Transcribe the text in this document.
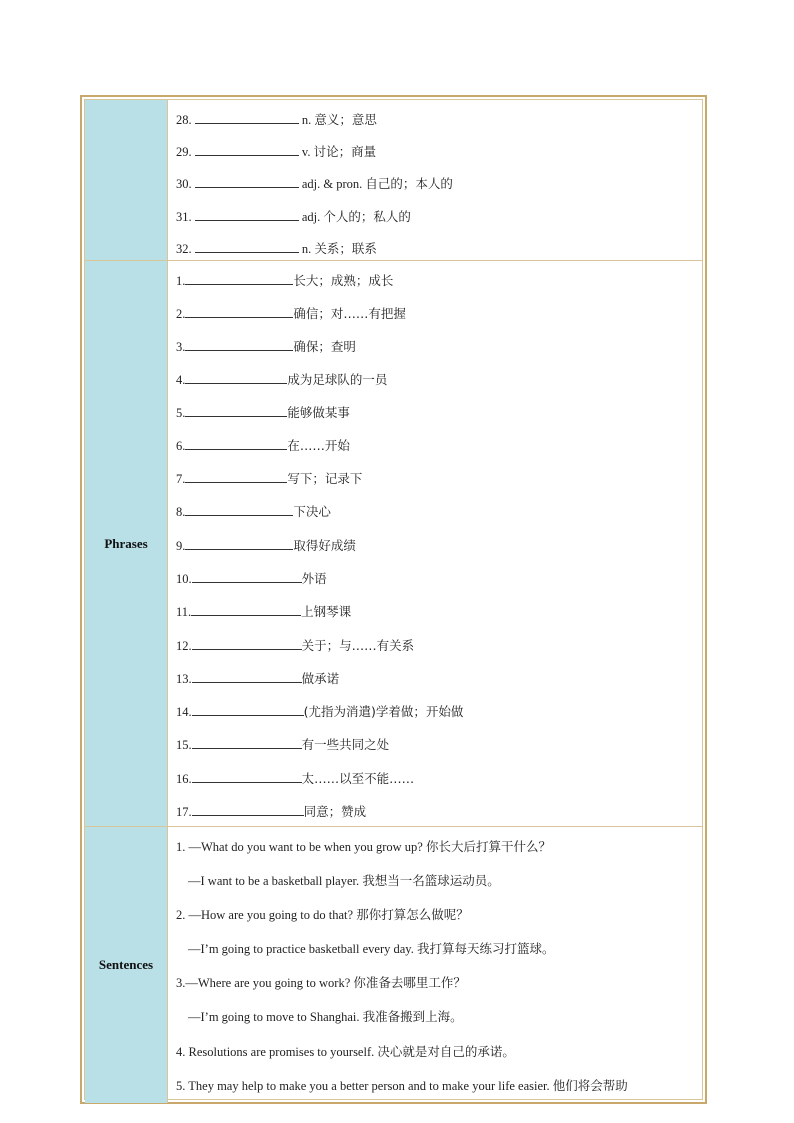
28.	n. 意义；意思
29.	v. 讨论；商量
30.	adj. & pron. 自己的；本人的
31.	adj. 个人的；私人的
32.	n. 关系；联系
Phrases
1.	长大；成熟；成长
2.	确信；对……有把握
3.	确保；查明
4.	成为足球队的一员
5.	能够做某事
6.	在……开始
7.	写下；记录下
8.	下决心
9.	取得好成绩
10.	外语
11.	上钢琴课
12.	关于；与……有关系
13.	做承诺
14.	(尤指为消遣)学着做；开始做
15.	有一些共同之处
16.	太……以至不能……
17.	同意；赞成
Sentences
1. —What do you want to be when you grow up? 你长大后打算干什么？
—I want to be a basketball player. 我想当一名篮球运动员。
2. —How are you going to do that? 那你打算怎么做呢？
—I’m going to practice basketball every day. 我打算每天练习打篮球。
3.—Where are you going to work? 你准备去哪里工作？
—I’m going to move to Shanghai. 我准备搬到上海。
4. Resolutions are promises to yourself. 决心就是对自己的承诺。
5. They may help to make you a better person and to make your life easier. 他们将会帮助
